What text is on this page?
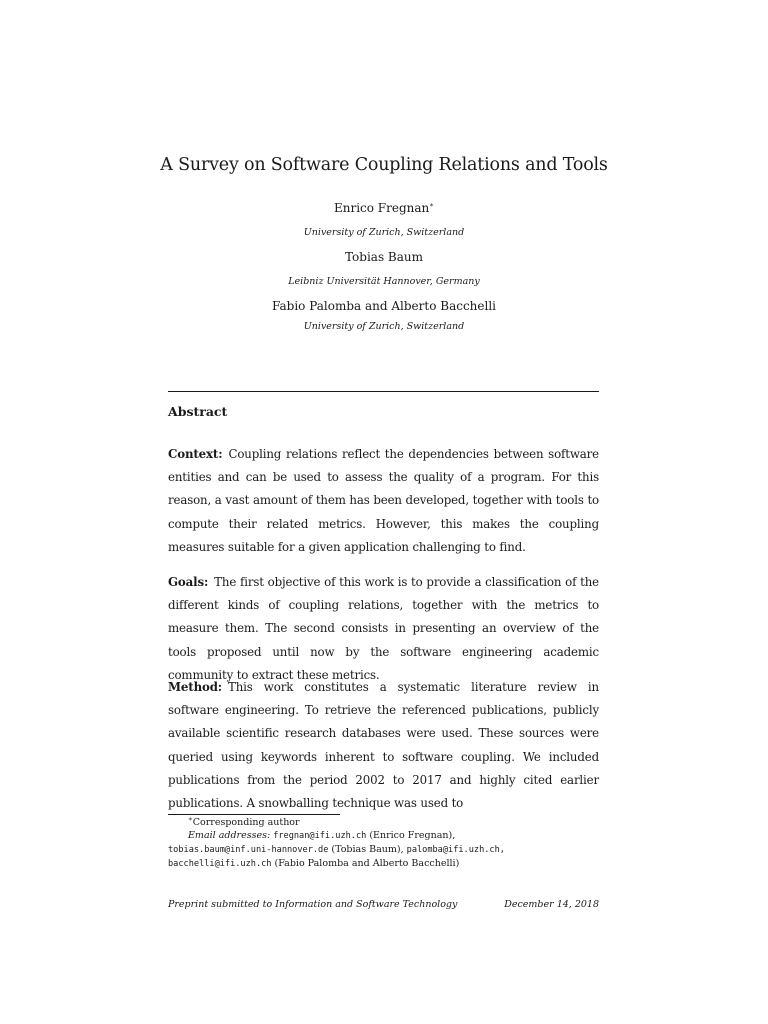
A Survey on Software Coupling Relations and Tools
Enrico Fregnan∗
University of Zurich, Switzerland
Tobias Baum
Leibniz Universität Hannover, Germany
Fabio Palomba and Alberto Bacchelli
University of Zurich, Switzerland
Abstract
Context: Coupling relations reflect the dependencies between software entities and can be used to assess the quality of a program. For this reason, a vast amount of them has been developed, together with tools to compute their related metrics. However, this makes the coupling measures suitable for a given application challenging to find.
Goals: The first objective of this work is to provide a classification of the different kinds of coupling relations, together with the metrics to measure them. The second consists in presenting an overview of the tools proposed until now by the software engineering academic community to extract these metrics.
Method: This work constitutes a systematic literature review in software engineering. To retrieve the referenced publications, publicly available scientific research databases were used. These sources were queried using keywords inherent to software coupling. We included publications from the period 2002 to 2017 and highly cited earlier publications. A snowballing technique was used to
∗Corresponding author
Email addresses: fregnan@ifi.uzh.ch (Enrico Fregnan),
tobias.baum@inf.uni-hannover.de (Tobias Baum), palomba@ifi.uzh.ch,
bacchelli@ifi.uzh.ch (Fabio Palomba and Alberto Bacchelli)
Preprint submitted to Information and Software Technology	December 14, 2018
